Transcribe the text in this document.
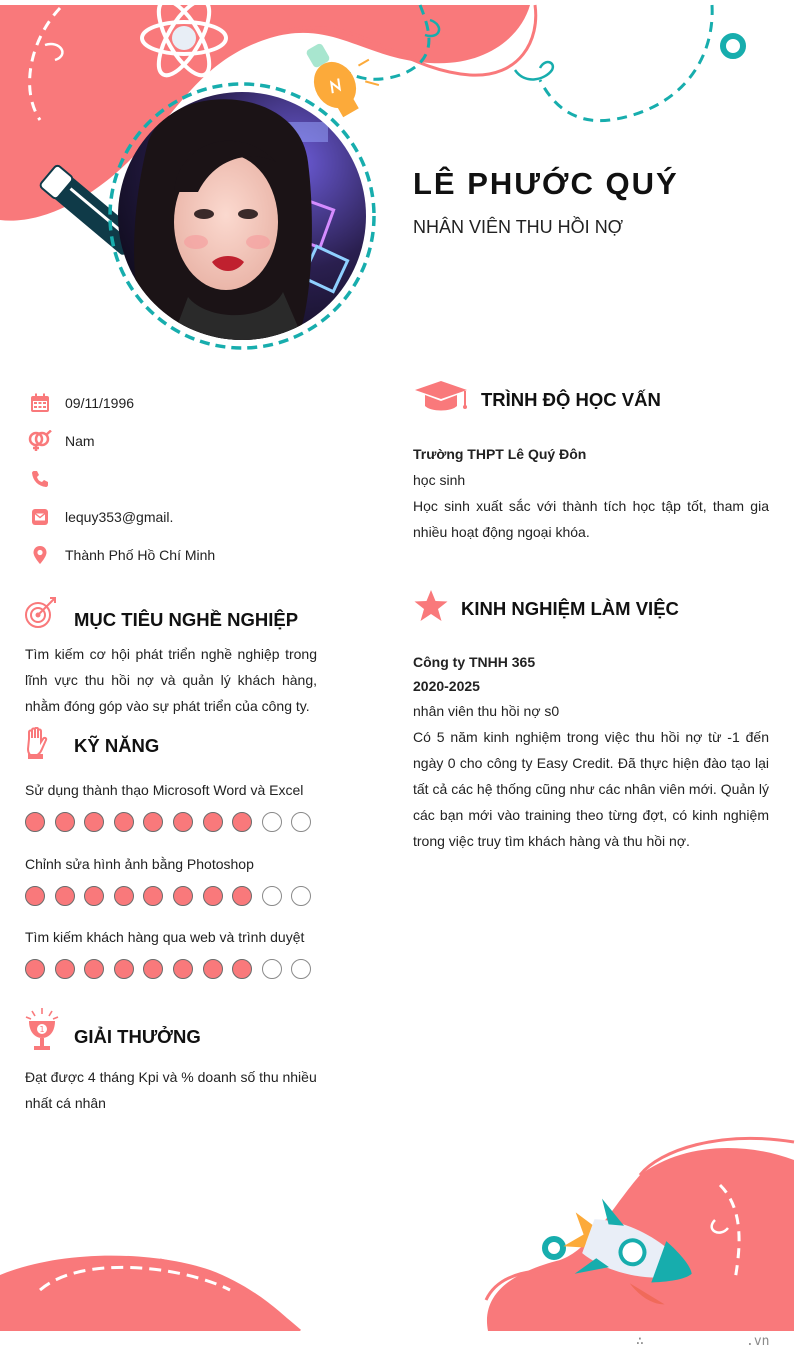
LÊ PHƯỚC QUÝ

NHÂN VIÊN THU HỒI NỢ

09/11/1996
Nam
lequy353@gmail.
Thành Phố Hồ Chí Minh
MỤC TIÊU NGHỀ NGHIỆP

Tìm kiếm cơ hội phát triển nghề nghiệp trong lĩnh vực thu hồi nợ và quản lý khách hàng, nhằm đóng góp vào sự phát triển của công ty.

KỸ NĂNG

Sử dụng thành thạo Microsoft Word và Excel

Chỉnh sửa hình ảnh bằng Photoshop

Tìm kiếm khách hàng qua web và trình duyệt

1 GIẢI THƯỞNG

Đạt được 4 tháng Kpi và % doanh số thu nhiều nhất cá nhân

TRÌNH ĐỘ HỌC VẤN

Trường THPT Lê Quý Đôn

học sinh

Học sinh xuất sắc với thành tích học tập tốt, tham gia nhiều hoạt động ngoại khóa.

KINH NGHIỆM LÀM VIỆC

Công ty TNHH 365

2020-2025

nhân viên thu hồi nợ s0

Có 5 năm kinh nghiệm trong việc thu hồi nợ từ -1 đến ngày 0 cho công ty Easy Credit. Đã thực hiện đào tạo lại tất cả các hệ thống cũng như các nhân viên mới. Quản lý các bạn mới vào training theo từng đợt, có kinh nghiệm trong việc truy tìm khách hàng và thu hồi nợ.

∴	.vn
